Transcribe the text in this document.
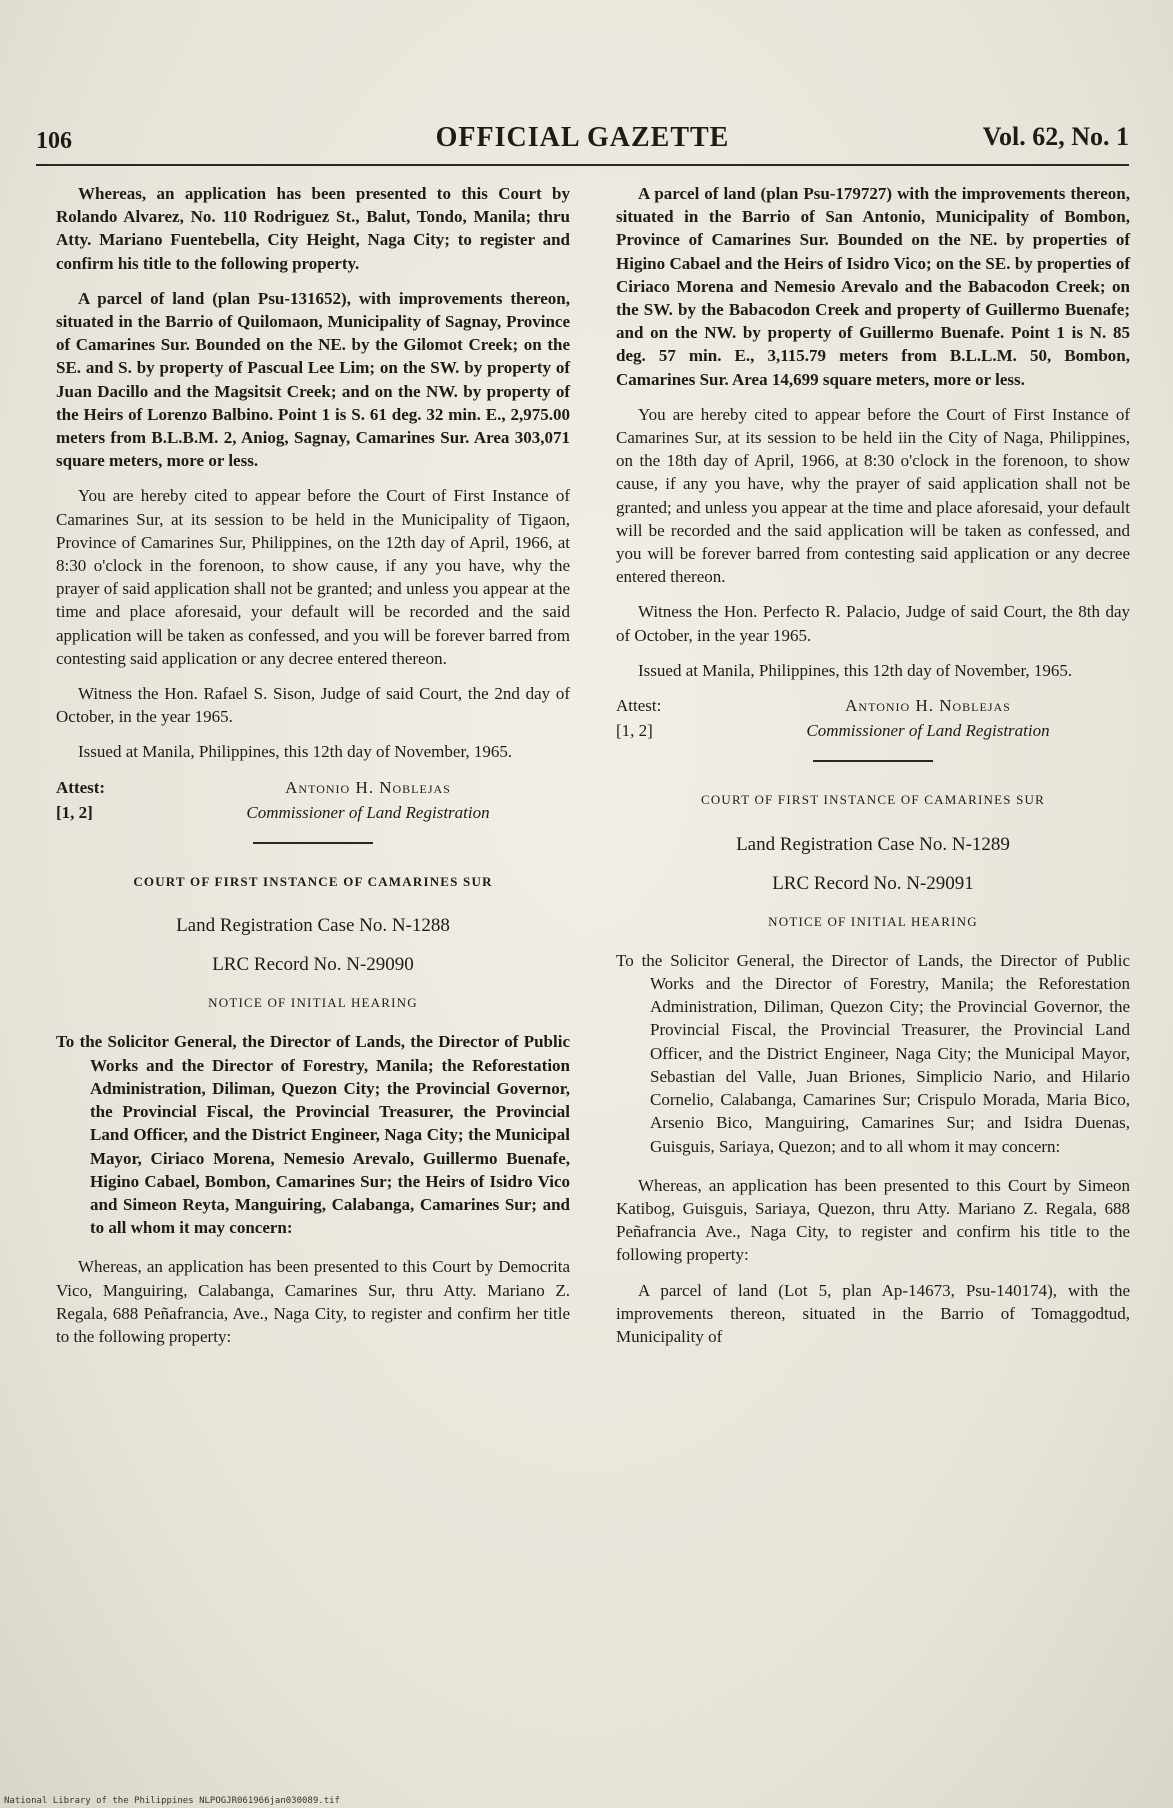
106	OFFICIAL GAZETTE	Vol. 62, No. 1

Whereas, an application has been presented to this Court by Rolando Alvarez, No. 110 Rodriguez St., Balut, Tondo, Manila; thru Atty. Mariano Fuentebella, City Height, Naga City; to register and confirm his title to the following property.

A parcel of land (plan Psu-131652), with improvements thereon, situated in the Barrio of Quilomaon, Municipality of Sagnay, Province of Camarines Sur. Bounded on the NE. by the Gilomot Creek; on the SE. and S. by property of Pascual Lee Lim; on the SW. by property of Juan Dacillo and the Magsitsit Creek; and on the NW. by property of the Heirs of Lorenzo Balbino. Point 1 is S. 61 deg. 32 min. E., 2,975.00 meters from B.L.B.M. 2, Aniog, Sagnay, Camarines Sur. Area 303,071 square meters, more or less.

You are hereby cited to appear before the Court of First Instance of Camarines Sur, at its session to be held in the Municipality of Tigaon, Province of Camarines Sur, Philippines, on the 12th day of April, 1966, at 8:30 o'clock in the forenoon, to show cause, if any you have, why the prayer of said application shall not be granted; and unless you appear at the time and place aforesaid, your default will be recorded and the said application will be taken as confessed, and you will be forever barred from contesting said application or any decree entered thereon.

Witness the Hon. Rafael S. Sison, Judge of said Court, the 2nd day of October, in the year 1965.

Issued at Manila, Philippines, this 12th day of November, 1965.

Attest:	Antonio H. Noblejas
[1, 2]	Commissioner of Land Registration
COURT OF FIRST INSTANCE OF CAMARINES SUR
Land Registration Case No. N-1288
LRC Record No. N-29090
NOTICE OF INITIAL HEARING

To the Solicitor General, the Director of Lands, the Director of Public Works and the Director of Forestry, Manila; the Reforestation Administration, Diliman, Quezon City; the Provincial Governor, the Provincial Fiscal, the Provincial Treasurer, the Provincial Land Officer, and the District Engineer, Naga City; the Municipal Mayor, Ciriaco Morena, Nemesio Arevalo, Guillermo Buenafe, Higino Cabael, Bombon, Camarines Sur; the Heirs of Isidro Vico and Simeon Reyta, Manguiring, Calabanga, Camarines Sur; and to all whom it may concern:

Whereas, an application has been presented to this Court by Democrita Vico, Manguiring, Calabanga, Camarines Sur, thru Atty. Mariano Z. Regala, 688 Peñafrancia, Ave., Naga City, to register and confirm her title to the following property:

A parcel of land (plan Psu-179727) with the improvements thereon, situated in the Barrio of San Antonio, Municipality of Bombon, Province of Camarines Sur. Bounded on the NE. by properties of Higino Cabael and the Heirs of Isidro Vico; on the SE. by properties of Ciriaco Morena and Nemesio Arevalo and the Babacodon Creek; on the SW. by the Babacodon Creek and property of Guillermo Buenafe; and on the NW. by property of Guillermo Buenafe. Point 1 is N. 85 deg. 57 min. E., 3,115.79 meters from B.L.L.M. 50, Bombon, Camarines Sur. Area 14,699 square meters, more or less.

You are hereby cited to appear before the Court of First Instance of Camarines Sur, at its session to be held iin the City of Naga, Philippines, on the 18th day of April, 1966, at 8:30 o'clock in the forenoon, to show cause, if any you have, why the prayer of said application shall not be granted; and unless you appear at the time and place aforesaid, your default will be recorded and the said application will be taken as confessed, and you will be forever barred from contesting said application or any decree entered thereon.

Witness the Hon. Perfecto R. Palacio, Judge of said Court, the 8th day of October, in the year 1965.

Issued at Manila, Philippines, this 12th day of November, 1965.

Attest:	Antonio H. Noblejas
[1, 2]	Commissioner of Land Registration
COURT OF FIRST INSTANCE OF CAMARINES SUR
Land Registration Case No. N-1289
LRC Record No. N-29091
NOTICE OF INITIAL HEARING

To the Solicitor General, the Director of Lands, the Director of Public Works and the Director of Forestry, Manila; the Reforestation Administration, Diliman, Quezon City; the Provincial Governor, the Provincial Fiscal, the Provincial Treasurer, the Provincial Land Officer, and the District Engineer, Naga City; the Municipal Mayor, Sebastian del Valle, Juan Briones, Simplicio Nario, and Hilario Cornelio, Calabanga, Camarines Sur; Crispulo Morada, Maria Bico, Arsenio Bico, Manguiring, Camarines Sur; and Isidra Duenas, Guisguis, Sariaya, Quezon; and to all whom it may concern:

Whereas, an application has been presented to this Court by Simeon Katibog, Guisguis, Sariaya, Quezon, thru Atty. Mariano Z. Regala, 688 Peñafrancia Ave., Naga City, to register and confirm his title to the following property:

A parcel of land (Lot 5, plan Ap-14673, Psu-140174), with the improvements thereon, situated in the Barrio of Tomaggodtud, Municipality of

National Library of the Philippines NLPOGJR061966jan030089.tif
